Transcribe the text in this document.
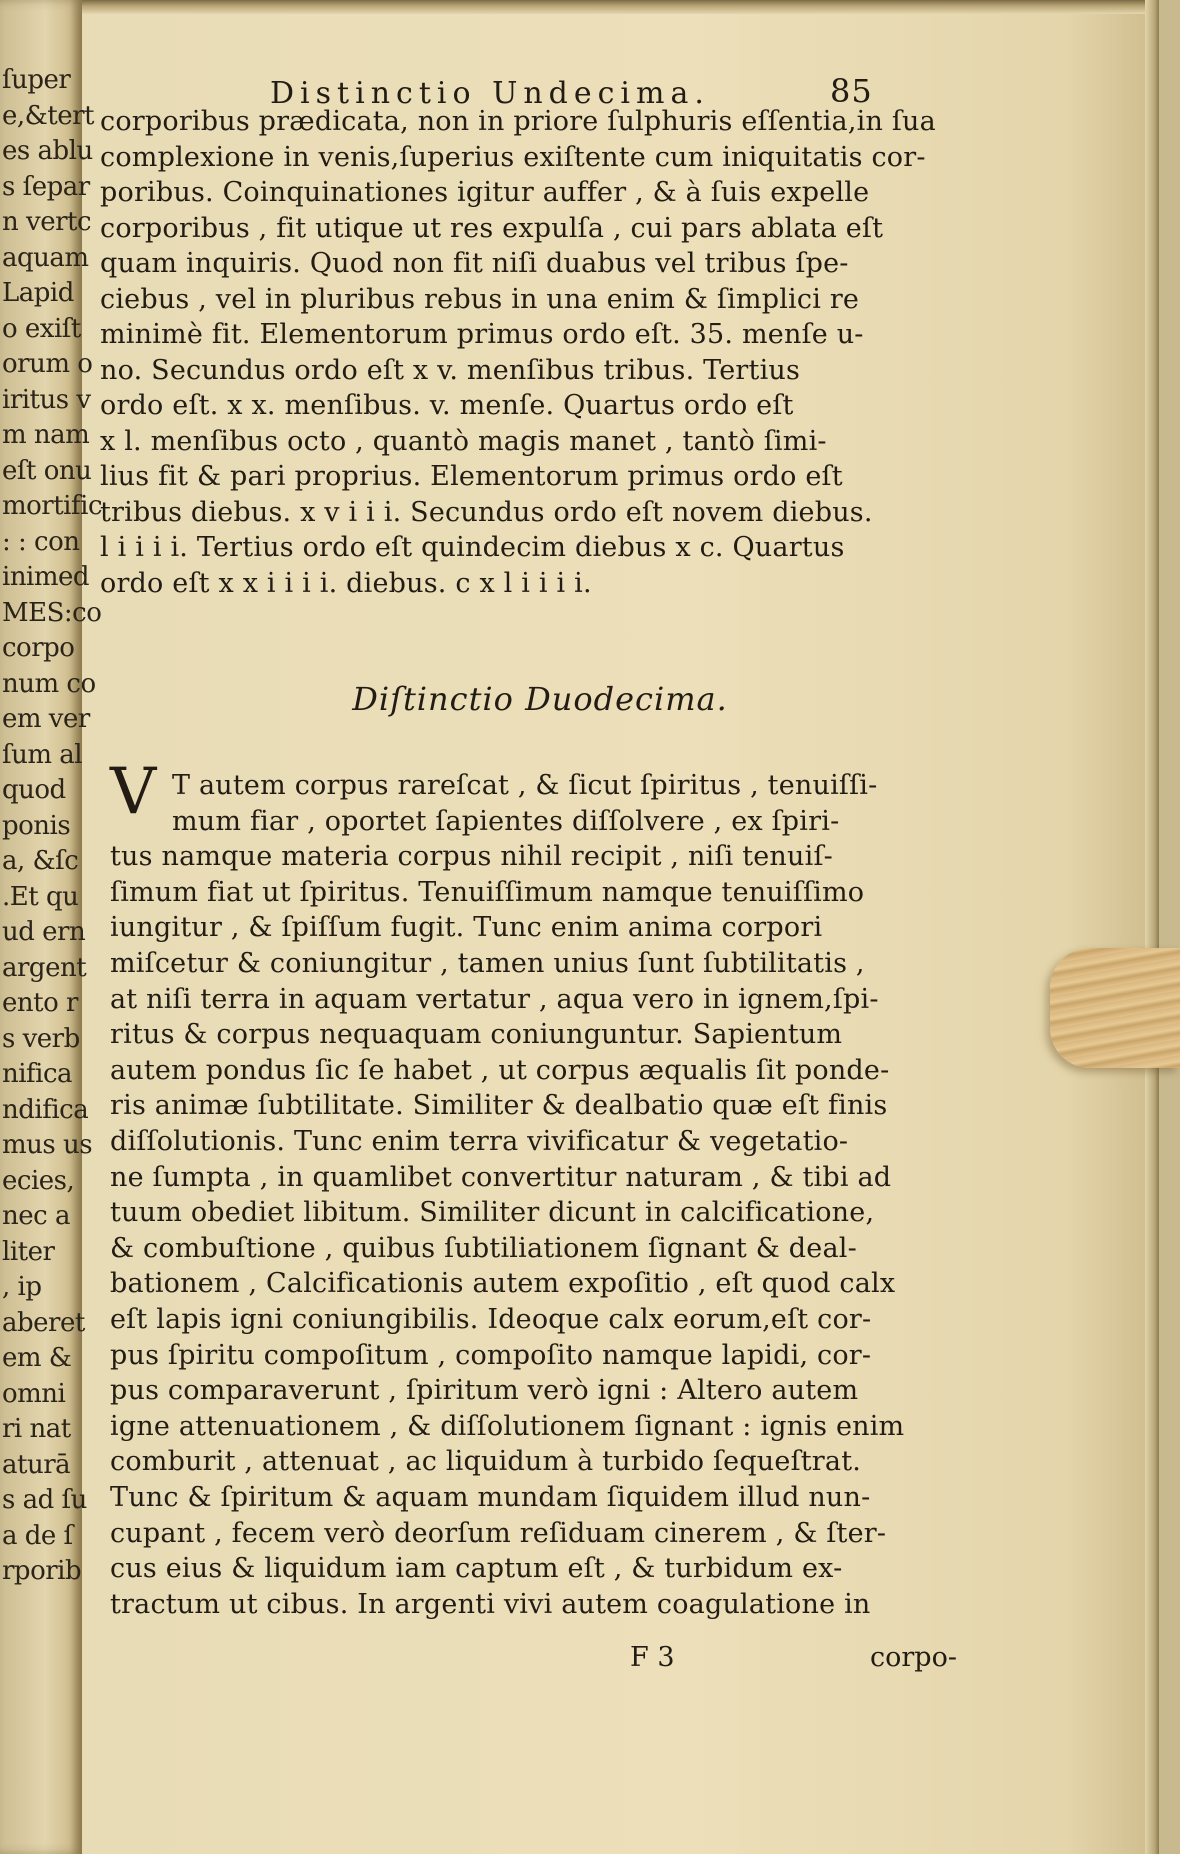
ſuper
e,&tert
es ablu
s ſepar
n vertc
aquam
Lapid
o exiſt
orum o
iritus v
m nam
eſt onu
mortific
: : con
inimed
MES:co
corpo
num co
em ver
ſum al
quod
ponis
a, &ſc
.Et qu
ud ern
argent
ento r
s verb
nifica
ndifica
mus us
ecies,
nec a
liter
, ip
aberet
em &
omni
ri nat
aturā
s ad ſu
a de ſ
rporib
Distinctio Undecima.	85
corporibus prædicata, non in priore ſulphuris eſſentia,in ſua
complexione in venis,ſuperius exiſtente cum iniquitatis cor-
poribus. Coinquinationes igitur auffer , & à ſuis expelle
corporibus , fit utique ut res expulſa , cui pars ablata eſt
quam inquiris. Quod non fit niſi duabus vel tribus ſpe-
ciebus , vel in pluribus rebus in una enim & ſimplici re
minimè fit. Elementorum primus ordo eſt. 35. menſe u-
no. Secundus ordo eſt x v. menſibus tribus. Tertius
ordo eſt. x x. menſibus. v. menſe. Quartus ordo eſt
x l. menſibus octo , quantò magis manet , tantò ſimi-
lius fit & pari proprius. Elementorum primus ordo eſt
tribus diebus. x v i i i. Secundus ordo eſt novem diebus.
l i i i i. Tertius ordo eſt quindecim diebus x c. Quartus
ordo eſt x x i i i i. diebus. c x l i i i i.
Diſtinctio Duodecima.
V T autem corpus rareſcat , & ſicut ſpiritus , tenuiſſi-
mum fiar , oportet ſapientes diſſolvere , ex ſpiri-
tus namque materia corpus nihil recipit , niſi tenuiſ-
ſimum fiat ut ſpiritus. Tenuiſſimum namque tenuiſſimo
iungitur , & ſpiſſum fugit. Tunc enim anima corpori
miſcetur & coniungitur , tamen unius ſunt ſubtilitatis ,
at niſi terra in aquam vertatur , aqua vero in ignem,ſpi-
ritus & corpus nequaquam coniunguntur. Sapientum
autem pondus ſic ſe habet , ut corpus æqualis ſit ponde-
ris animæ ſubtilitate. Similiter & dealbatio quæ eſt finis
diſſolutionis. Tunc enim terra vivificatur & vegetatio-
ne ſumpta , in quamlibet convertitur naturam , & tibi ad
tuum obediet libitum. Similiter dicunt in calcificatione,
& combuſtione , quibus ſubtiliationem ſignant & deal-
bationem , Calcificationis autem expoſitio , eſt quod calx
eſt lapis igni coniungibilis. Ideoque calx eorum,eſt cor-
pus ſpiritu compoſitum , compoſito namque lapidi, cor-
pus comparaverunt , ſpiritum verò igni : Altero autem
igne attenuationem , & diſſolutionem ſignant : ignis enim
comburit , attenuat , ac liquidum à turbido ſequeſtrat.
Tunc & ſpiritum & aquam mundam ſiquidem illud nun-
cupant , fecem verò deorſum reſiduam cinerem , & ſter-
cus eius & liquidum iam captum eſt , & turbidum ex-
tractum ut cibus. In argenti vivi autem coagulatione in
F 3	corpo-
